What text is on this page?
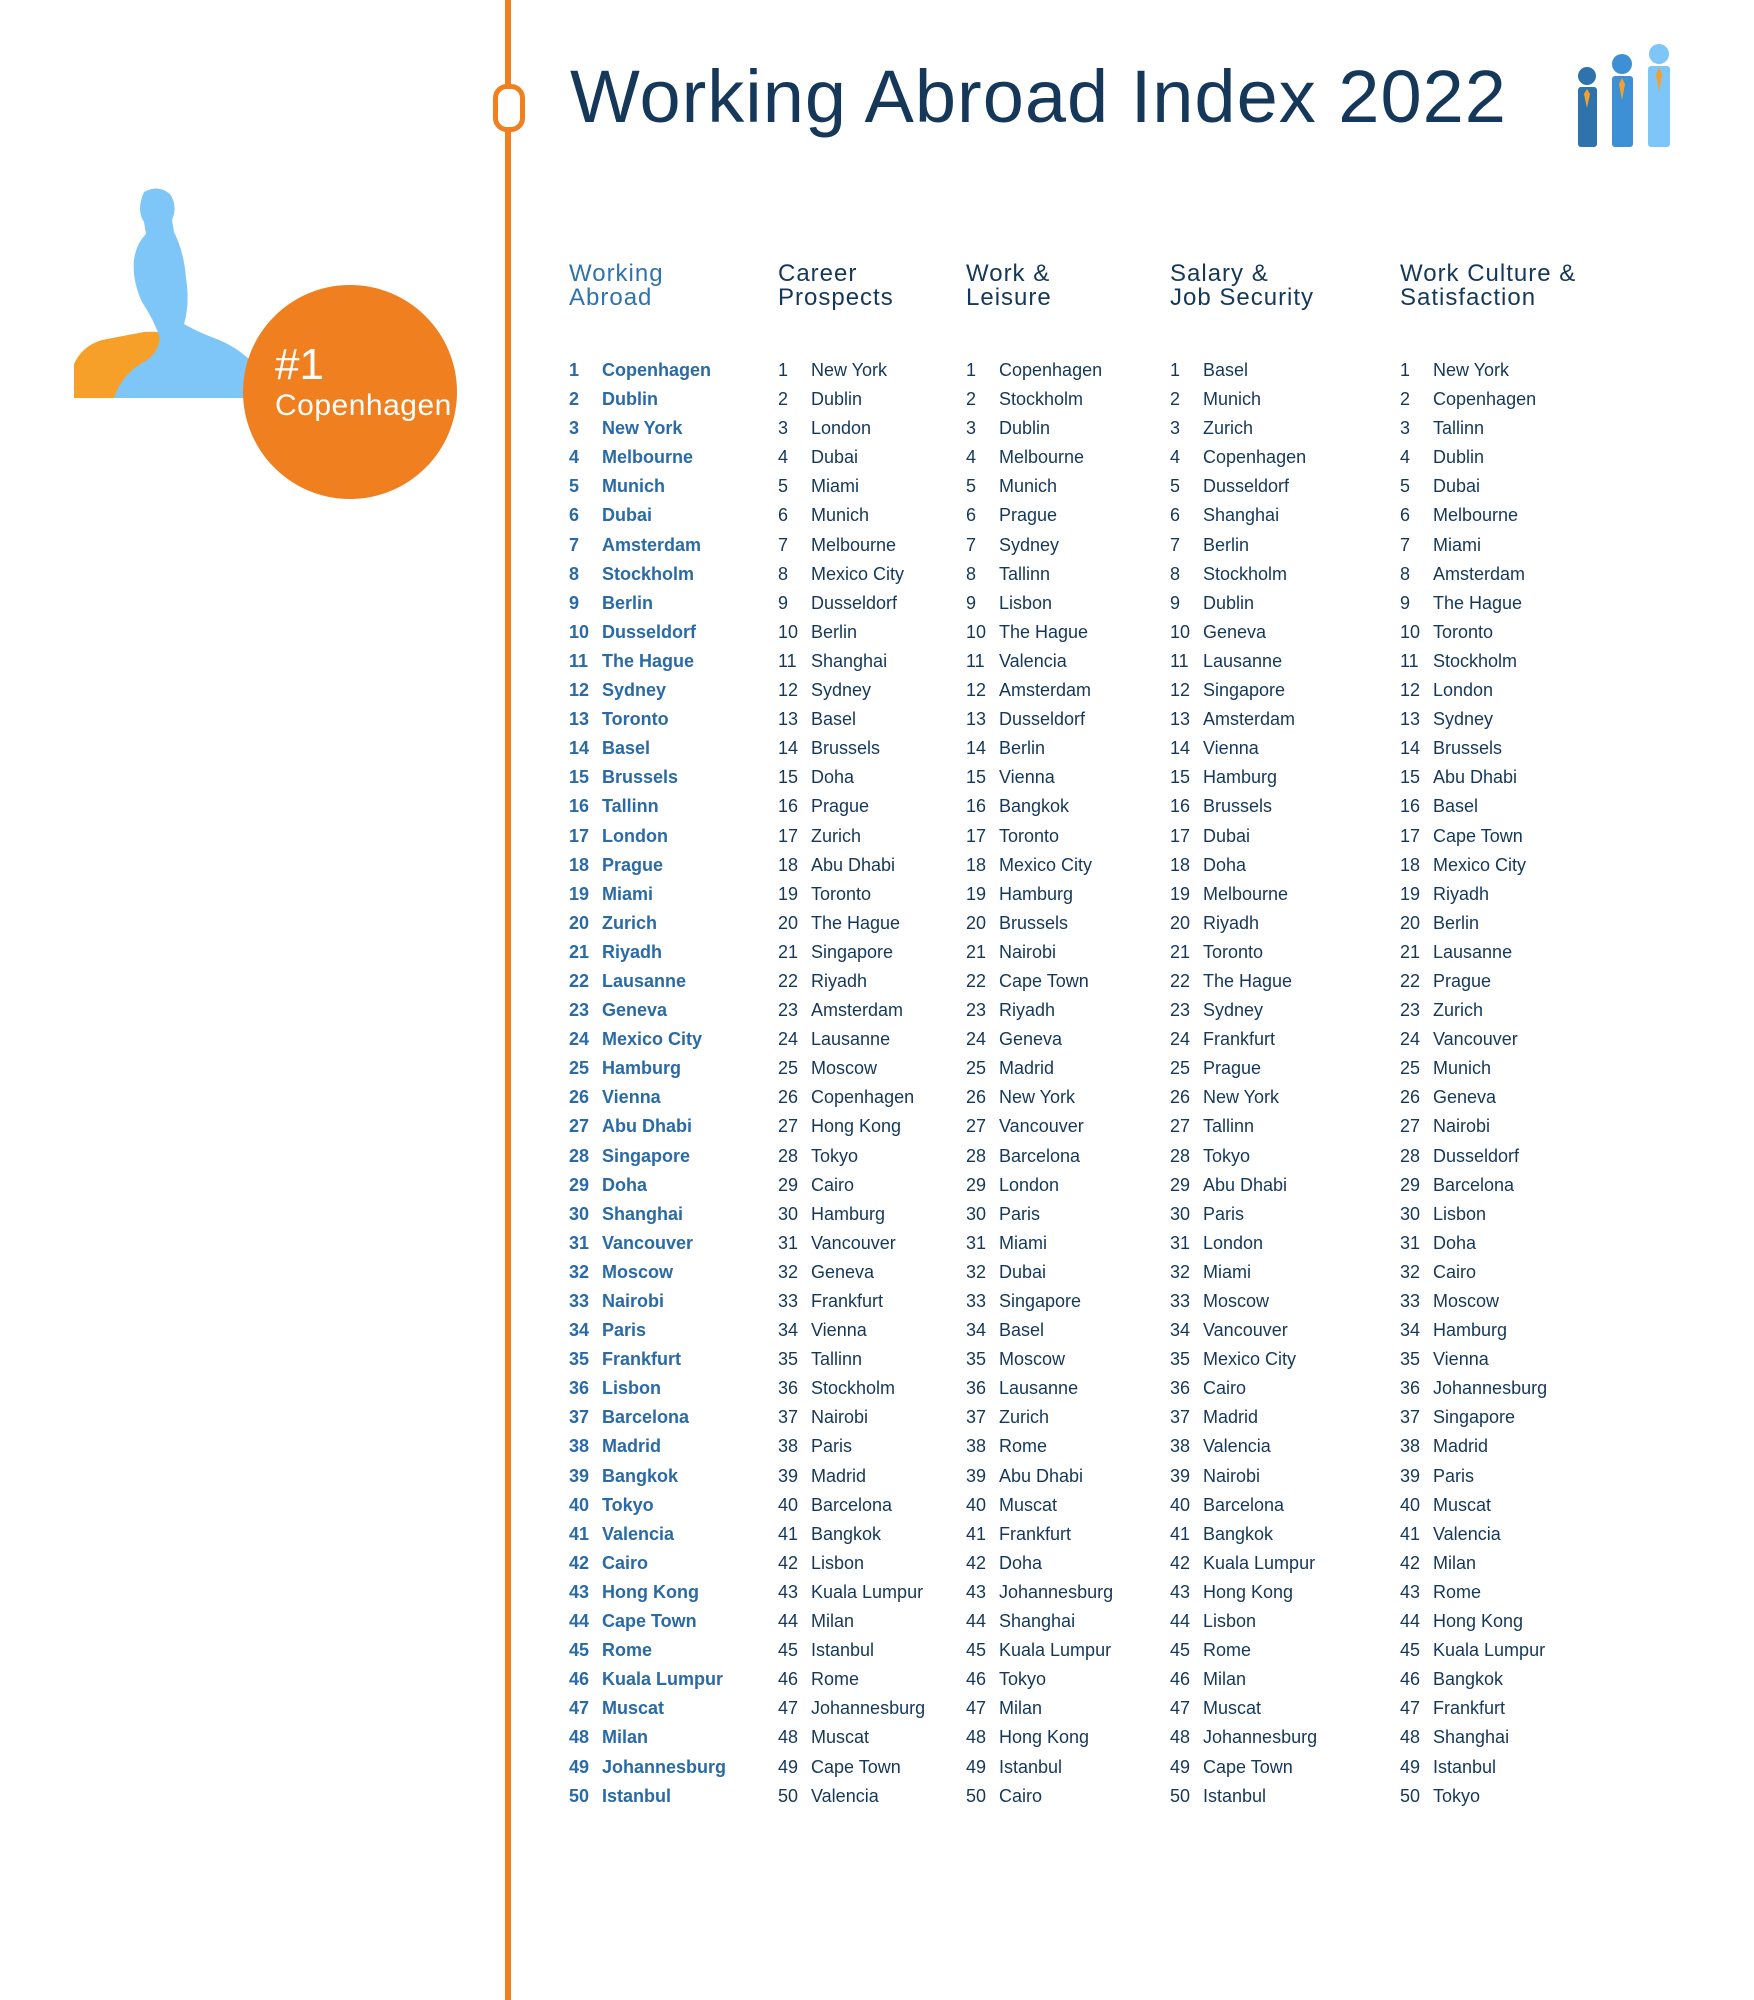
Working Abroad Index 2022
#1
Copenhagen
Working
Abroad
1 Copenhagen
2 Dublin
3 New York
4 Melbourne
5 Munich
6 Dubai
7 Amsterdam
8 Stockholm
9 Berlin
10 Dusseldorf
11 The Hague
12 Sydney
13 Toronto
14 Basel
15 Brussels
16 Tallinn
17 London
18 Prague
19 Miami
20 Zurich
21 Riyadh
22 Lausanne
23 Geneva
24 Mexico City
25 Hamburg
26 Vienna
27 Abu Dhabi
28 Singapore
29 Doha
30 Shanghai
31 Vancouver
32 Moscow
33 Nairobi
34 Paris
35 Frankfurt
36 Lisbon
37 Barcelona
38 Madrid
39 Bangkok
40 Tokyo
41 Valencia
42 Cairo
43 Hong Kong
44 Cape Town
45 Rome
46 Kuala Lumpur
47 Muscat
48 Milan
49 Johannesburg
50 Istanbul
Career
Prospects
1 New York
2 Dublin
3 London
4 Dubai
5 Miami
6 Munich
7 Melbourne
8 Mexico City
9 Dusseldorf
10 Berlin
11 Shanghai
12 Sydney
13 Basel
14 Brussels
15 Doha
16 Prague
17 Zurich
18 Abu Dhabi
19 Toronto
20 The Hague
21 Singapore
22 Riyadh
23 Amsterdam
24 Lausanne
25 Moscow
26 Copenhagen
27 Hong Kong
28 Tokyo
29 Cairo
30 Hamburg
31 Vancouver
32 Geneva
33 Frankfurt
34 Vienna
35 Tallinn
36 Stockholm
37 Nairobi
38 Paris
39 Madrid
40 Barcelona
41 Bangkok
42 Lisbon
43 Kuala Lumpur
44 Milan
45 Istanbul
46 Rome
47 Johannesburg
48 Muscat
49 Cape Town
50 Valencia
Work &
Leisure
1 Copenhagen
2 Stockholm
3 Dublin
4 Melbourne
5 Munich
6 Prague
7 Sydney
8 Tallinn
9 Lisbon
10 The Hague
11 Valencia
12 Amsterdam
13 Dusseldorf
14 Berlin
15 Vienna
16 Bangkok
17 Toronto
18 Mexico City
19 Hamburg
20 Brussels
21 Nairobi
22 Cape Town
23 Riyadh
24 Geneva
25 Madrid
26 New York
27 Vancouver
28 Barcelona
29 London
30 Paris
31 Miami
32 Dubai
33 Singapore
34 Basel
35 Moscow
36 Lausanne
37 Zurich
38 Rome
39 Abu Dhabi
40 Muscat
41 Frankfurt
42 Doha
43 Johannesburg
44 Shanghai
45 Kuala Lumpur
46 Tokyo
47 Milan
48 Hong Kong
49 Istanbul
50 Cairo
Salary &
Job Security
1 Basel
2 Munich
3 Zurich
4 Copenhagen
5 Dusseldorf
6 Shanghai
7 Berlin
8 Stockholm
9 Dublin
10 Geneva
11 Lausanne
12 Singapore
13 Amsterdam
14 Vienna
15 Hamburg
16 Brussels
17 Dubai
18 Doha
19 Melbourne
20 Riyadh
21 Toronto
22 The Hague
23 Sydney
24 Frankfurt
25 Prague
26 New York
27 Tallinn
28 Tokyo
29 Abu Dhabi
30 Paris
31 London
32 Miami
33 Moscow
34 Vancouver
35 Mexico City
36 Cairo
37 Madrid
38 Valencia
39 Nairobi
40 Barcelona
41 Bangkok
42 Kuala Lumpur
43 Hong Kong
44 Lisbon
45 Rome
46 Milan
47 Muscat
48 Johannesburg
49 Cape Town
50 Istanbul
Work Culture &
Satisfaction
1 New York
2 Copenhagen
3 Tallinn
4 Dublin
5 Dubai
6 Melbourne
7 Miami
8 Amsterdam
9 The Hague
10 Toronto
11 Stockholm
12 London
13 Sydney
14 Brussels
15 Abu Dhabi
16 Basel
17 Cape Town
18 Mexico City
19 Riyadh
20 Berlin
21 Lausanne
22 Prague
23 Zurich
24 Vancouver
25 Munich
26 Geneva
27 Nairobi
28 Dusseldorf
29 Barcelona
30 Lisbon
31 Doha
32 Cairo
33 Moscow
34 Hamburg
35 Vienna
36 Johannesburg
37 Singapore
38 Madrid
39 Paris
40 Muscat
41 Valencia
42 Milan
43 Rome
44 Hong Kong
45 Kuala Lumpur
46 Bangkok
47 Frankfurt
48 Shanghai
49 Istanbul
50 Tokyo
